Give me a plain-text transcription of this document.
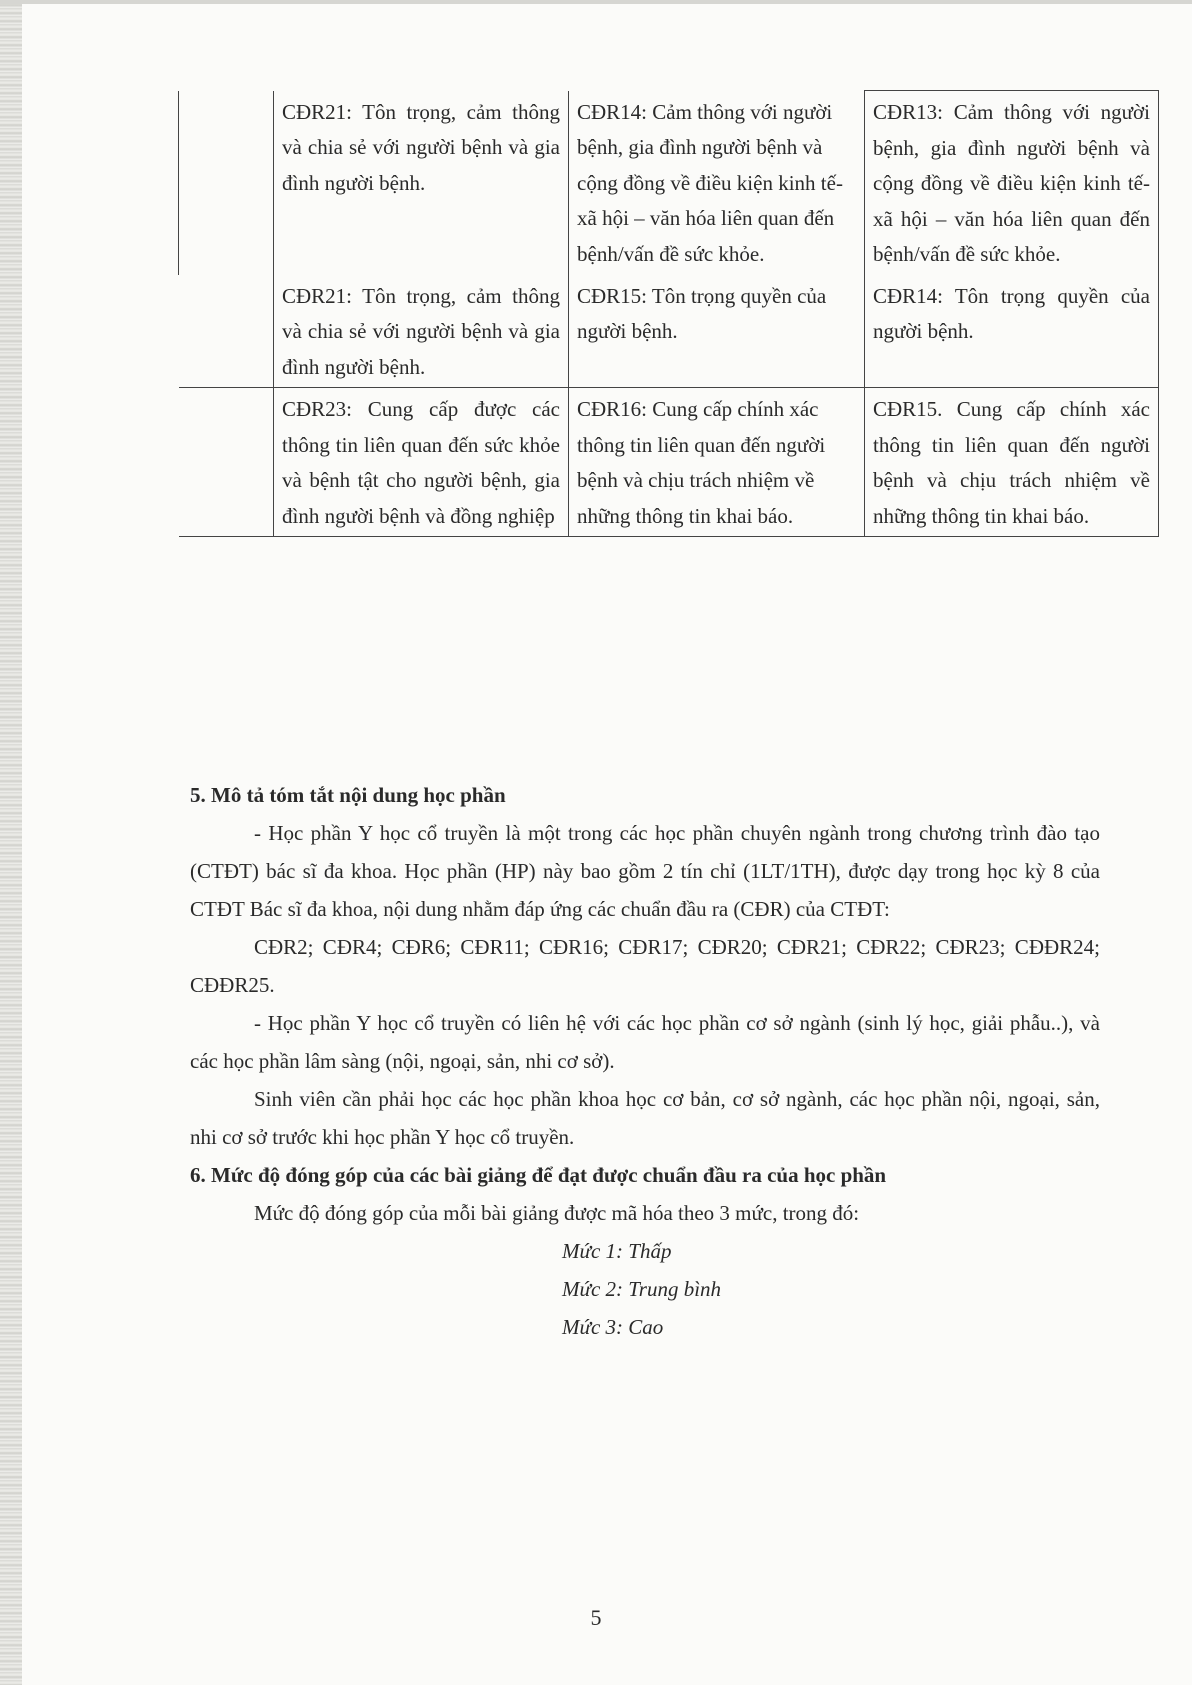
	CĐR21: Tôn trọng, cảm thông và chia sẻ với người bệnh và gia đình người bệnh.	CĐR14: Cảm thông với người bệnh, gia đình người bệnh và cộng đồng về điều kiện kinh tế- xã hội – văn hóa liên quan đến bệnh/vấn đề sức khỏe.	CĐR13: Cảm thông với người bệnh, gia đình người bệnh và cộng đồng về điều kiện kinh tế- xã hội – văn hóa liên quan đến bệnh/vấn đề sức khỏe.
	CĐR21: Tôn trọng, cảm thông và chia sẻ với người bệnh và gia đình người bệnh.	CĐR15: Tôn trọng quyền của người bệnh.	CĐR14: Tôn trọng quyền của người bệnh.
	CĐR23: Cung cấp được các thông tin liên quan đến sức khỏe và bệnh tật cho người bệnh, gia đình người bệnh và đồng nghiệp	CĐR16: Cung cấp chính xác thông tin liên quan đến người bệnh và chịu trách nhiệm về những thông tin khai báo.	CĐR15. Cung cấp chính xác thông tin liên quan đến người bệnh và chịu trách nhiệm về những thông tin khai báo.

5. Mô tả tóm tắt nội dung học phần

- Học phần Y học cổ truyền là một trong các học phần chuyên ngành trong chương trình đào tạo (CTĐT) bác sĩ đa khoa. Học phần (HP) này bao gồm 2 tín chỉ (1LT/1TH), được dạy trong học kỳ 8 của CTĐT Bác sĩ đa khoa, nội dung nhằm đáp ứng các chuẩn đầu ra (CĐR) của CTĐT:

CĐR2; CĐR4; CĐR6; CĐR11; CĐR16; CĐR17; CĐR20; CĐR21; CĐR22; CĐR23; CĐĐR24; CĐĐR25.

- Học phần Y học cổ truyền có liên hệ với các học phần cơ sở ngành (sinh lý học, giải phẫu..), và các học phần lâm sàng (nội, ngoại, sản, nhi cơ sở).

Sinh viên cần phải học các học phần khoa học cơ bản, cơ sở ngành, các học phần nội, ngoại, sản, nhi cơ sở trước khi học phần Y học cổ truyền.

6. Mức độ đóng góp của các bài giảng để đạt được chuẩn đầu ra của học phần

Mức độ đóng góp của mỗi bài giảng được mã hóa theo 3 mức, trong đó:

Mức 1: Thấp
Mức 2: Trung bình
Mức 3: Cao
5
